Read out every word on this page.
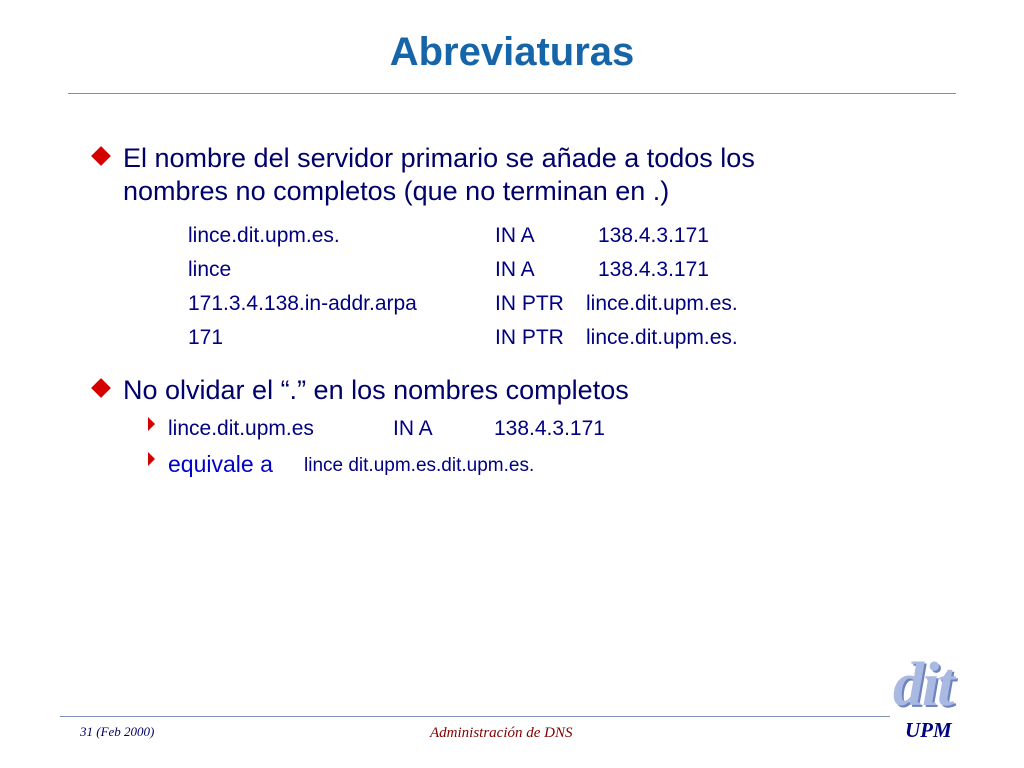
Abreviaturas
El nombre del servidor primario se añade a todos los
nombres no completos (que no terminan en .)
lince.dit.upm.es.	IN A	138.4.3.171
lince	IN A	138.4.3.171
171.3.4.138.in-addr.arpa	IN PTR lince.dit.upm.es.
171	IN PTR lince.dit.upm.es.
No olvidar el “.” en los nombres completos
lince.dit.upm.es	IN A	138.4.3.171
equivale a lince dit.upm.es.dit.upm.es.
31 (Feb 2000)	Administración de DNS
dit
UPM
